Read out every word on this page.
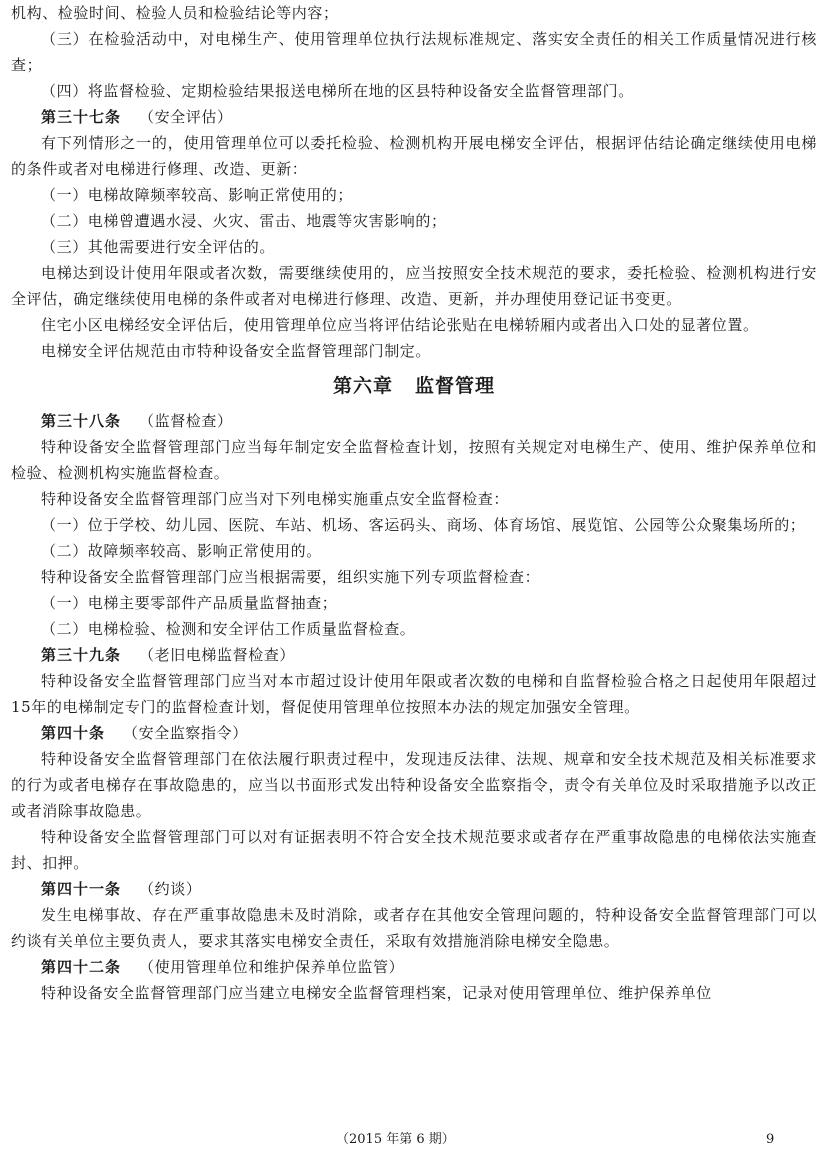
机构、检验时间、检验人员和检验结论等内容；

（三）在检验活动中，对电梯生产、使用管理单位执行法规标准规定、落实安全责任的相关工作质量情况进行核查；

（四）将监督检验、定期检验结果报送电梯所在地的区县特种设备安全监督管理部门。

第三十七条 （安全评估）

有下列情形之一的，使用管理单位可以委托检验、检测机构开展电梯安全评估，根据评估结论确定继续使用电梯的条件或者对电梯进行修理、改造、更新：

（一）电梯故障频率较高、影响正常使用的；

（二）电梯曾遭遇水浸、火灾、雷击、地震等灾害影响的；

（三）其他需要进行安全评估的。

电梯达到设计使用年限或者次数，需要继续使用的，应当按照安全技术规范的要求，委托检验、检测机构进行安全评估，确定继续使用电梯的条件或者对电梯进行修理、改造、更新，并办理使用登记证书变更。

住宅小区电梯经安全评估后，使用管理单位应当将评估结论张贴在电梯轿厢内或者出入口处的显著位置。

电梯安全评估规范由市特种设备安全监督管理部门制定。

第六章 监督管理

第三十八条 （监督检查）

特种设备安全监督管理部门应当每年制定安全监督检查计划，按照有关规定对电梯生产、使用、维护保养单位和检验、检测机构实施监督检查。

特种设备安全监督管理部门应当对下列电梯实施重点安全监督检查：

（一）位于学校、幼儿园、医院、车站、机场、客运码头、商场、体育场馆、展览馆、公园等公众聚集场所的；

（二）故障频率较高、影响正常使用的。

特种设备安全监督管理部门应当根据需要，组织实施下列专项监督检查：

（一）电梯主要零部件产品质量监督抽查；

（二）电梯检验、检测和安全评估工作质量监督检查。

第三十九条 （老旧电梯监督检查）

特种设备安全监督管理部门应当对本市超过设计使用年限或者次数的电梯和自监督检验合格之日起使用年限超过15年的电梯制定专门的监督检查计划，督促使用管理单位按照本办法的规定加强安全管理。

第四十条 （安全监察指令）

特种设备安全监督管理部门在依法履行职责过程中，发现违反法律、法规、规章和安全技术规范及相关标准要求的行为或者电梯存在事故隐患的，应当以书面形式发出特种设备安全监察指令，责令有关单位及时采取措施予以改正或者消除事故隐患。

特种设备安全监督管理部门可以对有证据表明不符合安全技术规范要求或者存在严重事故隐患的电梯依法实施查封、扣押。

第四十一条 （约谈）

发生电梯事故、存在严重事故隐患未及时消除，或者存在其他安全管理问题的，特种设备安全监督管理部门可以约谈有关单位主要负责人，要求其落实电梯安全责任，采取有效措施消除电梯安全隐患。

第四十二条 （使用管理单位和维护保养单位监管）

特种设备安全监督管理部门应当建立电梯安全监督管理档案，记录对使用管理单位、维护保养单位

（2015 年第 6 期）	9
